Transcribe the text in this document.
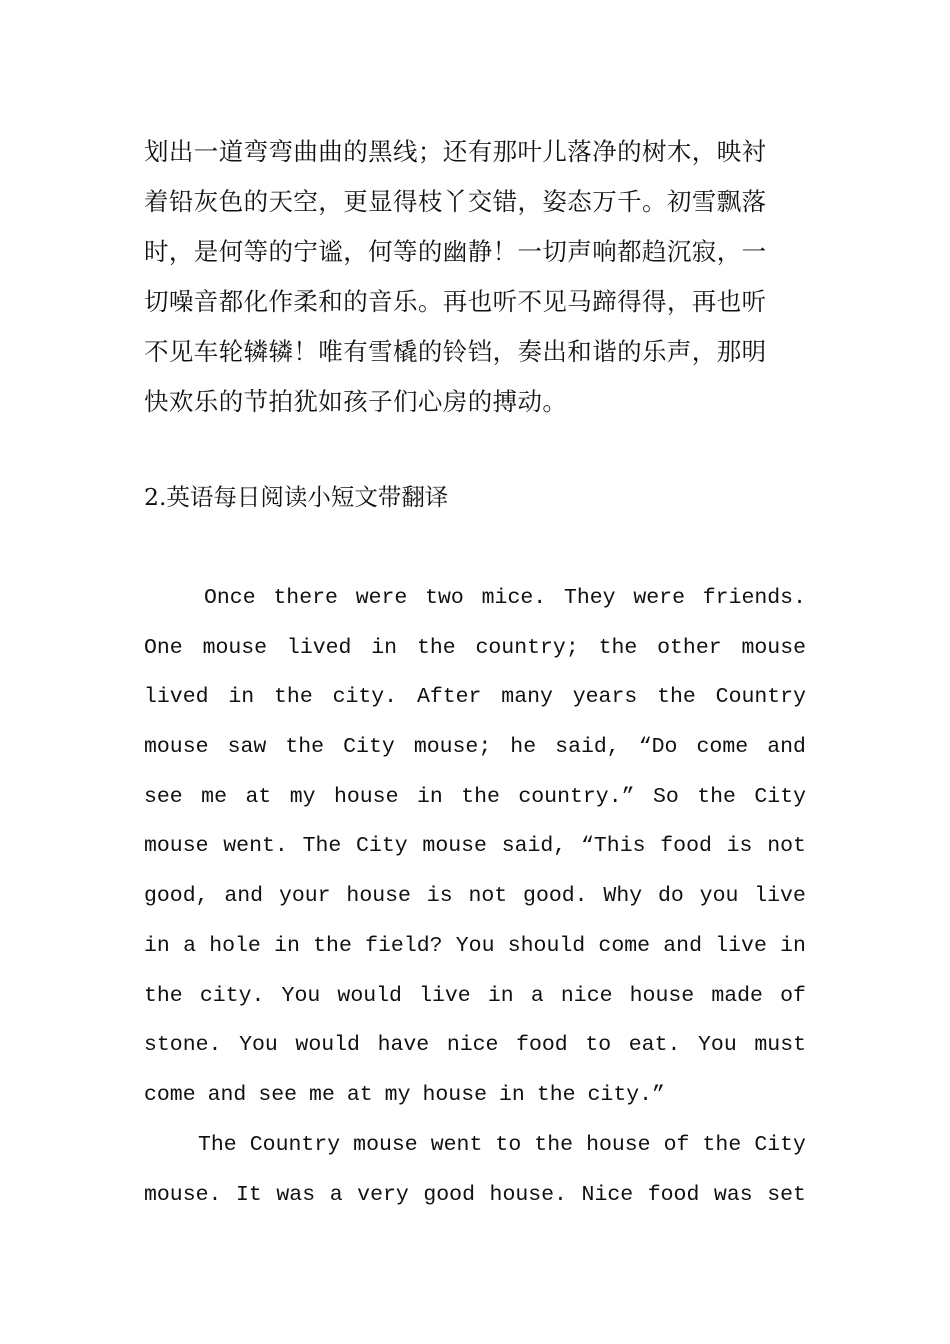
划出一道弯弯曲曲的黑线；还有那叶儿落净的树木，映衬
着铅灰色的天空，更显得枝丫交错，姿态万千。初雪飘落
时，是何等的宁谧，何等的幽静！一切声响都趋沉寂，一
切噪音都化作柔和的音乐。再也听不见马蹄得得，再也听
不见车轮辚辚！唯有雪橇的铃铛，奏出和谐的乐声，那明
快欢乐的节拍犹如孩子们心房的搏动。
2.英语每日阅读小短文带翻译
Once there were two mice. They were friends.
One mouse lived in the country; the other mouse
lived in the city. After many years the Country
mouse saw the City mouse; he said, “Do come and
see me at my house in the country.” So the City
mouse went. The City mouse said, “This food is not
good, and your house is not good. Why do you live
in a hole in the field? You should come and live in
the city. You would live in a nice house made of
stone. You would have nice food to eat. You must
come and see me at my house in the city.”
The Country mouse went to the house of the City
mouse. It was a very good house. Nice food was set
